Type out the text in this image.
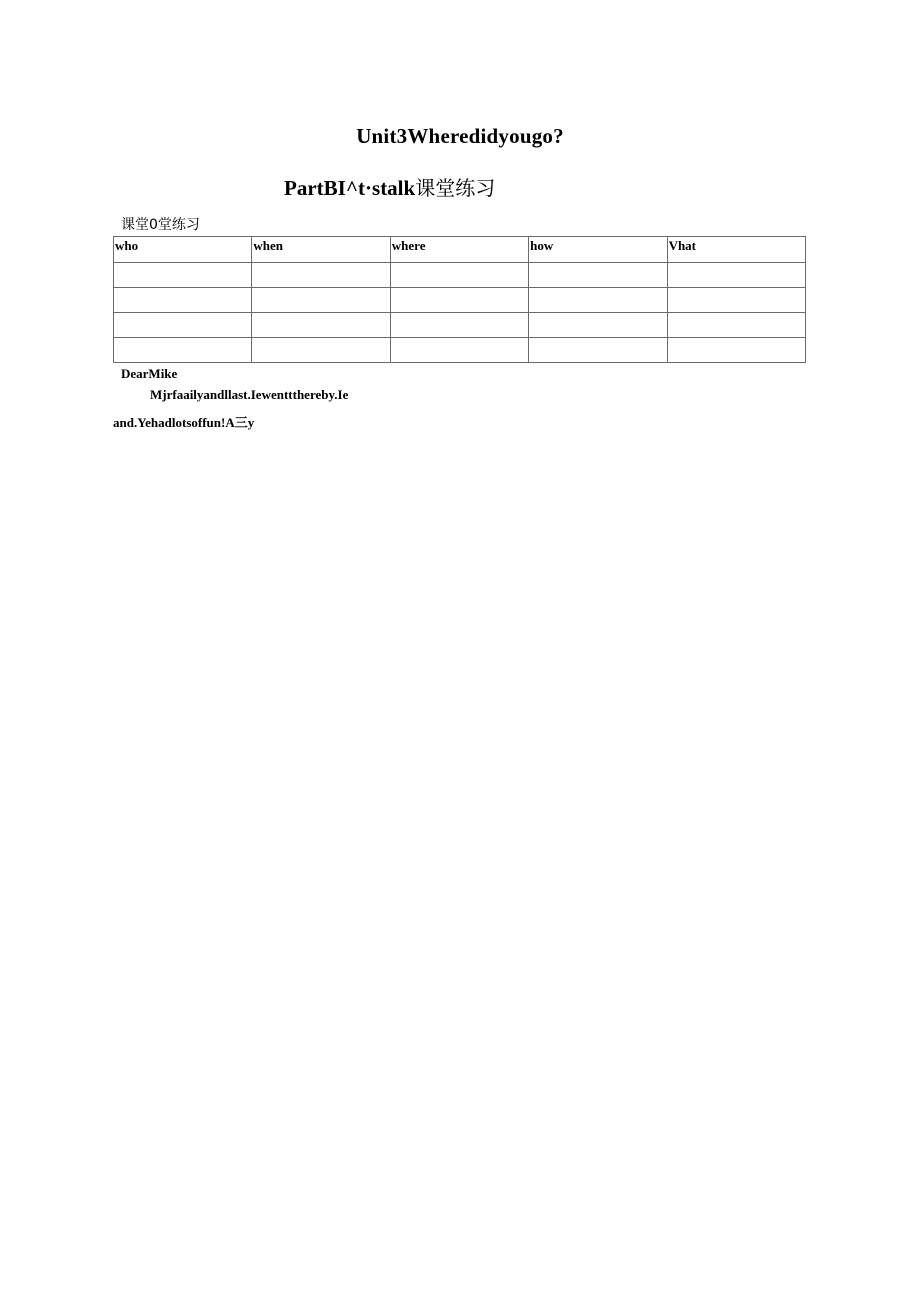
Unit3Wheredidyougo?
PartBI^t·stalk课堂练习
课堂0堂练习
who	when	where	how	Vhat

DearMike
Mjrfaailyandllast.Iewenttthereby.Ie
and.Yehadlotsoffun!A三y
